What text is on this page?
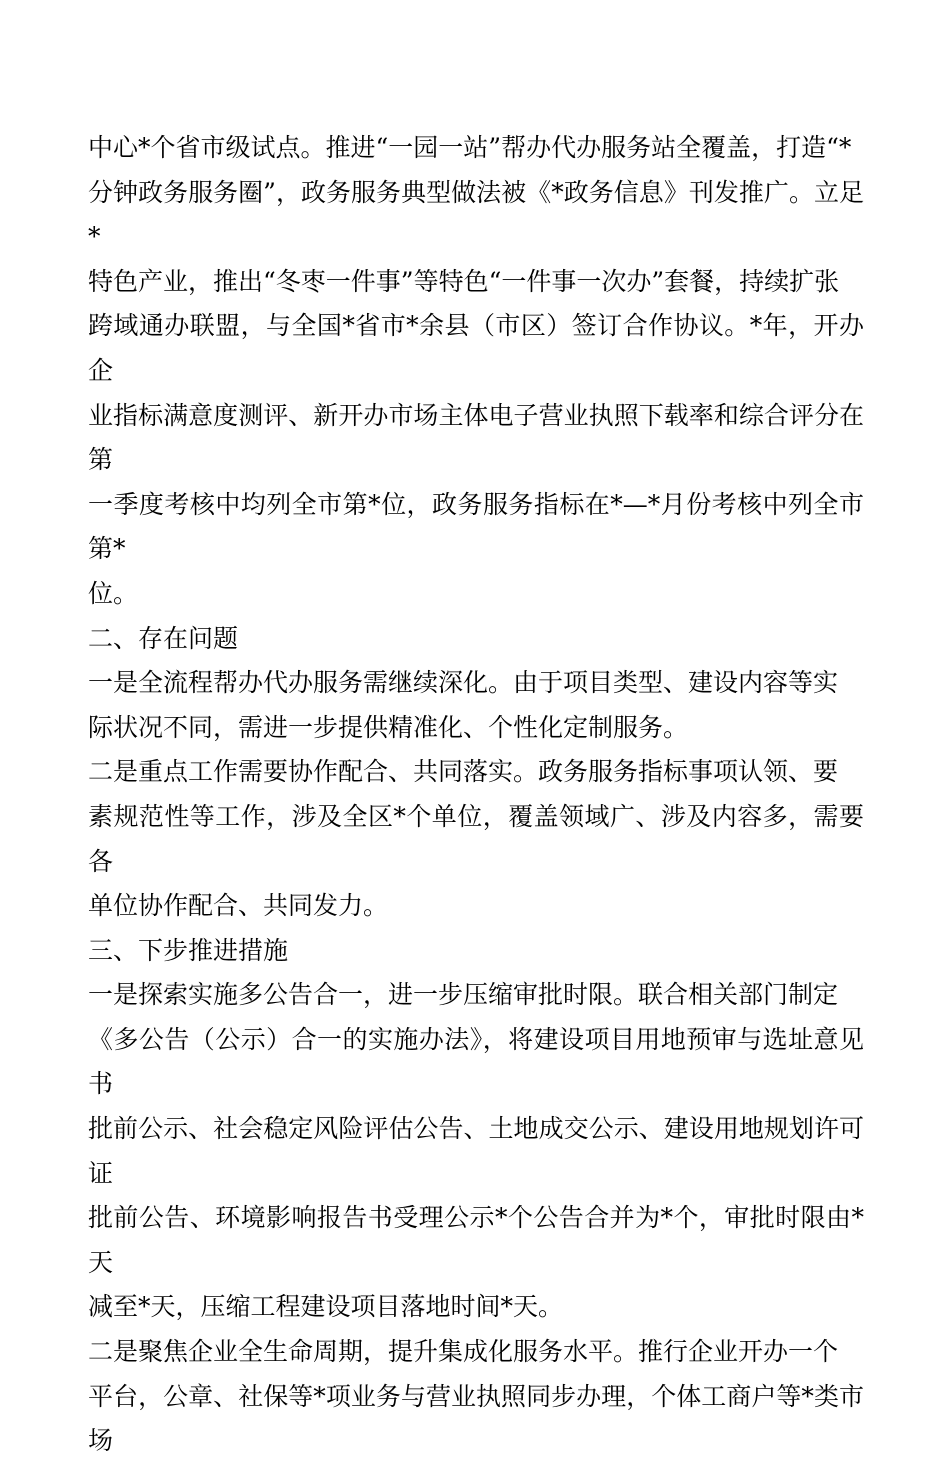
中心*个省市级试点。推进“一园一站”帮办代办服务站全覆盖，打造“*
分钟政务服务圈”，政务服务典型做法被《*政务信息》刊发推广。立足*
特色产业，推出“冬枣一件事”等特色“一件事一次办”套餐，持续扩张
跨域通办联盟，与全国*省市*余县（市区）签订合作协议。*年，开办企
业指标满意度测评、新开办市场主体电子营业执照下载率和综合评分在第
一季度考核中均列全市第*位，政务服务指标在*—*月份考核中列全市第*
位。

二、存在问题

一是全流程帮办代办服务需继续深化。由于项目类型、建设内容等实
际状况不同，需进一步提供精准化、个性化定制服务。

二是重点工作需要协作配合、共同落实。政务服务指标事项认领、要
素规范性等工作，涉及全区*个单位，覆盖领域广、涉及内容多，需要各
单位协作配合、共同发力。

三、下步推进措施

一是探索实施多公告合一，进一步压缩审批时限。联合相关部门制定
《多公告（公示）合一的实施办法》，将建设项目用地预审与选址意见书
批前公示、社会稳定风险评估公告、土地成交公示、建设用地规划许可证
批前公告、环境影响报告书受理公示*个公告合并为*个，审批时限由*天
减至*天，压缩工程建设项目落地时间*天。

二是聚焦企业全生命周期，提升集成化服务水平。推行企业开办一个
平台，公章、社保等*项业务与营业执照同步办理，个体工商户等*类市场
